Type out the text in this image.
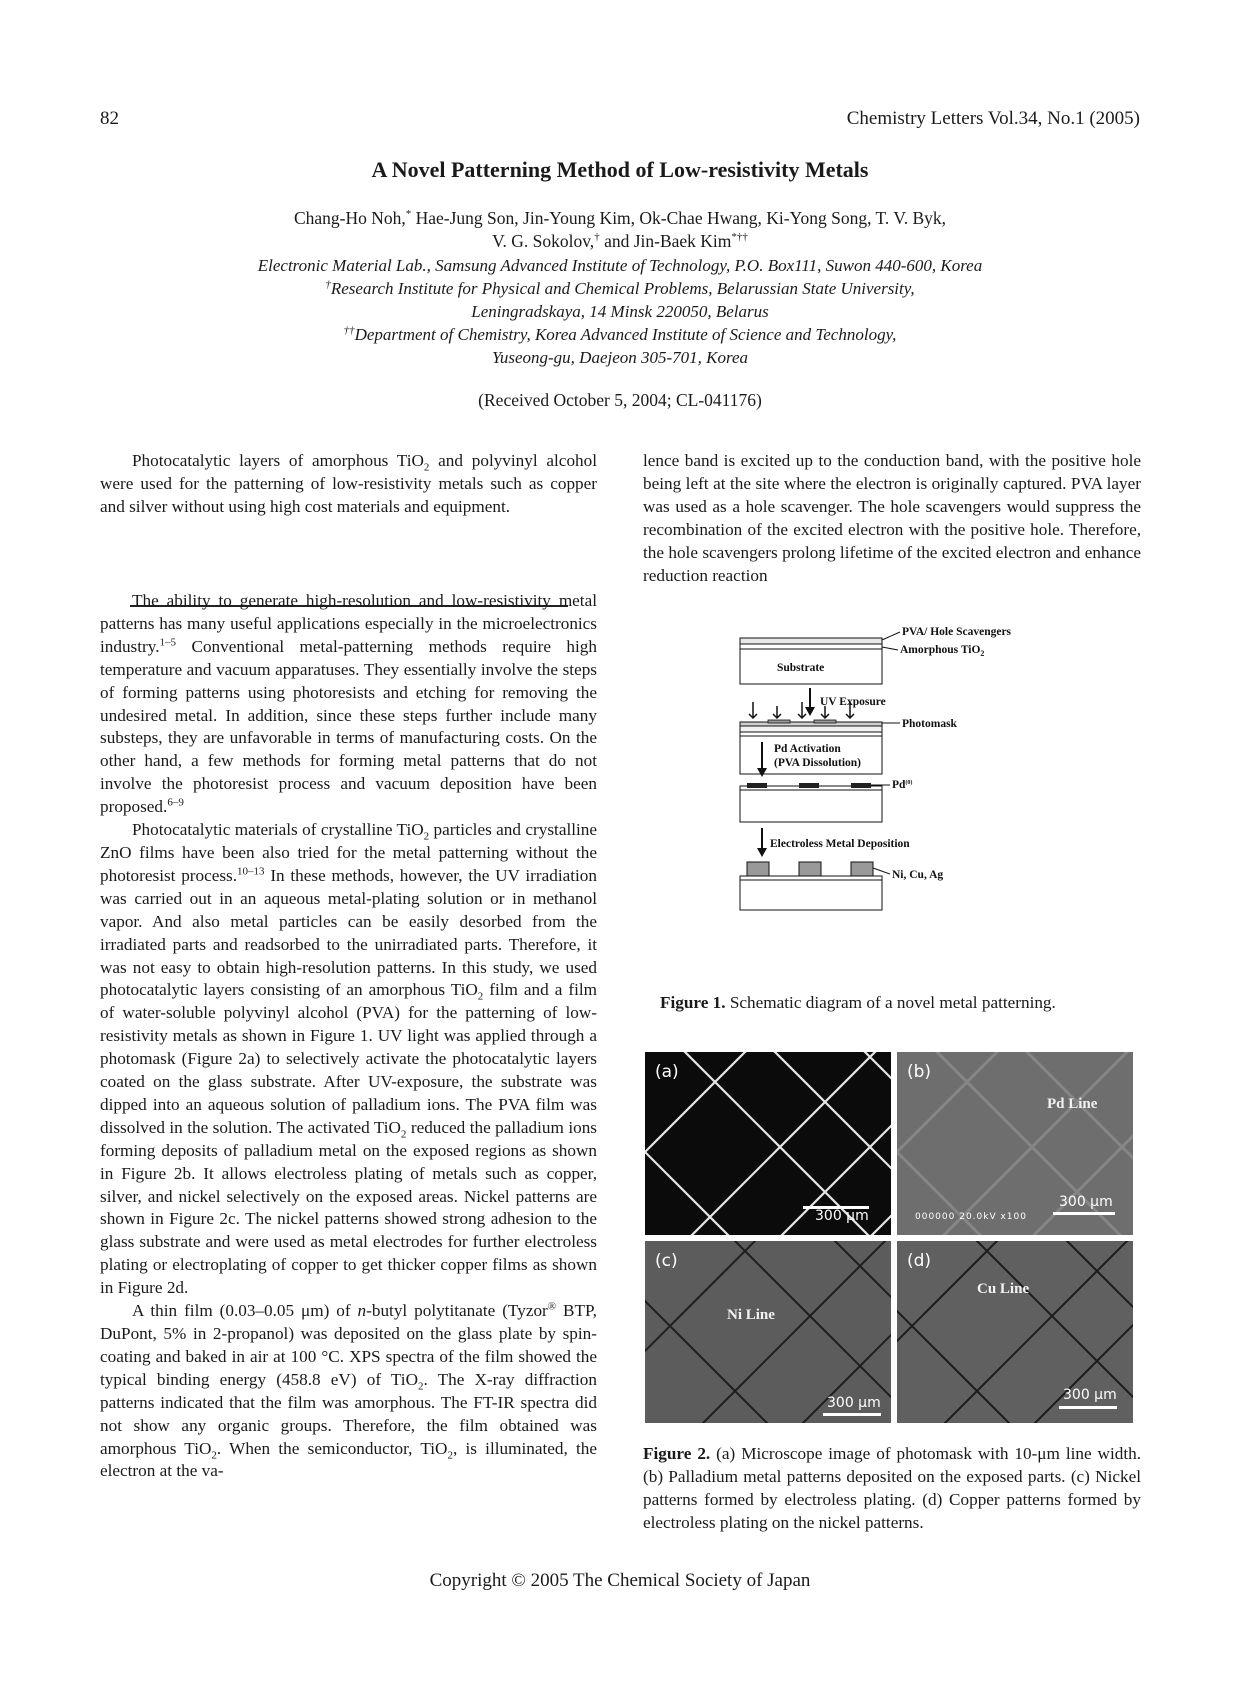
82	Chemistry Letters Vol.34, No.1 (2005)
A Novel Patterning Method of Low-resistivity Metals
Chang-Ho Noh,* Hae-Jung Son, Jin-Young Kim, Ok-Chae Hwang, Ki-Yong Song, T. V. Byk,
V. G. Sokolov,† and Jin-Baek Kim*††
Electronic Material Lab., Samsung Advanced Institute of Technology, P.O. Box111, Suwon 440-600, Korea
†Research Institute for Physical and Chemical Problems, Belarussian State University,
Leningradskaya, 14 Minsk 220050, Belarus
††Department of Chemistry, Korea Advanced Institute of Science and Technology,
Yuseong-gu, Daejeon 305-701, Korea
(Received October 5, 2004; CL-041176)

Photocatalytic layers of amorphous TiO$_2$ and polyvinyl alcohol were used for the patterning of low-resistivity metals such as copper and silver without using high cost materials and equipment.

The ability to generate high-resolution and low-resistivity metal patterns has many useful applications especially in the microelectronics industry.$^{1-5}$ Conventional metal-patterning methods require high temperature and vacuum apparatuses. They essentially involve the steps of forming patterns using photoresists and etching for removing the undesired metal. In addition, since these steps further include many substeps, they are unfavorable in terms of manufacturing costs. On the other hand, a few methods for forming metal patterns that do not involve the photoresist process and vacuum deposition have been proposed.$^{6-9}$

Photocatalytic materials of crystalline TiO$_2$ particles and crystalline ZnO films have been also tried for the metal patterning without the photoresist process.$^{10-13}$ In these methods, however, the UV irradiation was carried out in an aqueous metal-plating solution or in methanol vapor. And also metal particles can be easily desorbed from the irradiated parts and readsorbed to the unirradiated parts. Therefore, it was not easy to obtain high-resolution patterns. In this study, we used photocatalytic layers consisting of an amorphous TiO$_2$ film and a film of water-soluble polyvinyl alcohol (PVA) for the patterning of low-resistivity metals as shown in Figure 1. UV light was applied through a photomask (Figure 2a) to selectively activate the photocatalytic layers coated on the glass substrate. After UV-exposure, the substrate was dipped into an aqueous solution of palladium ions. The PVA film was dissolved in the solution. The activated TiO$_2$ reduced the palladium ions forming deposits of palladium metal on the exposed regions as shown in Figure 2b. It allows electroless plating of metals such as copper, silver, and nickel selectively on the exposed areas. Nickel patterns are shown in Figure 2c. The nickel patterns showed strong adhesion to the glass substrate and were used as metal electrodes for further electroless plating or electroplating of copper to get thicker copper films as shown in Figure 2d.

A thin film (0.03–0.05 μm) of n-butyl polytitanate (Tyzor® BTP, DuPont, 5% in 2-propanol) was deposited on the glass plate by spin-coating and baked in air at 100 °C. XPS spectra of the film showed the typical binding energy (458.8 eV) of TiO$_2$. The X-ray diffraction patterns indicated that the film was amorphous. The FT-IR spectra did not show any organic groups. Therefore, the film obtained was amorphous TiO$_2$. When the semiconductor, TiO$_2$, is illuminated, the electron at the va-

lence band is excited up to the conduction band, with the positive hole being left at the site where the electron is originally captured. PVA layer was used as a hole scavenger. The hole scavengers would suppress the recombination of the excited electron with the positive hole. Therefore, the hole scavengers prolong lifetime of the excited electron and enhance reduction reaction

Substrate
PVA/ Hole Scavengers
Amorphous TiO$_2$
UV Exposure
Photomask
Pd Activation
(PVA Dissolution)
Pd$^{(0)}$
Electroless Metal Deposition
Ni, Cu, Ag
Figure 1. Schematic diagram of a novel metal patterning.
(a)
300 μm
(b)
Pd Line
000000 20.0kV x100
300 μm
(c)
Ni Line
300 μm
(d)
Cu Line
300 μm
Figure 2. (a) Microscope image of photomask with 10-μm line width. (b) Palladium metal patterns deposited on the exposed parts. (c) Nickel patterns formed by electroless plating. (d) Copper patterns formed by electroless plating on the nickel patterns.
Copyright © 2005 The Chemical Society of Japan
